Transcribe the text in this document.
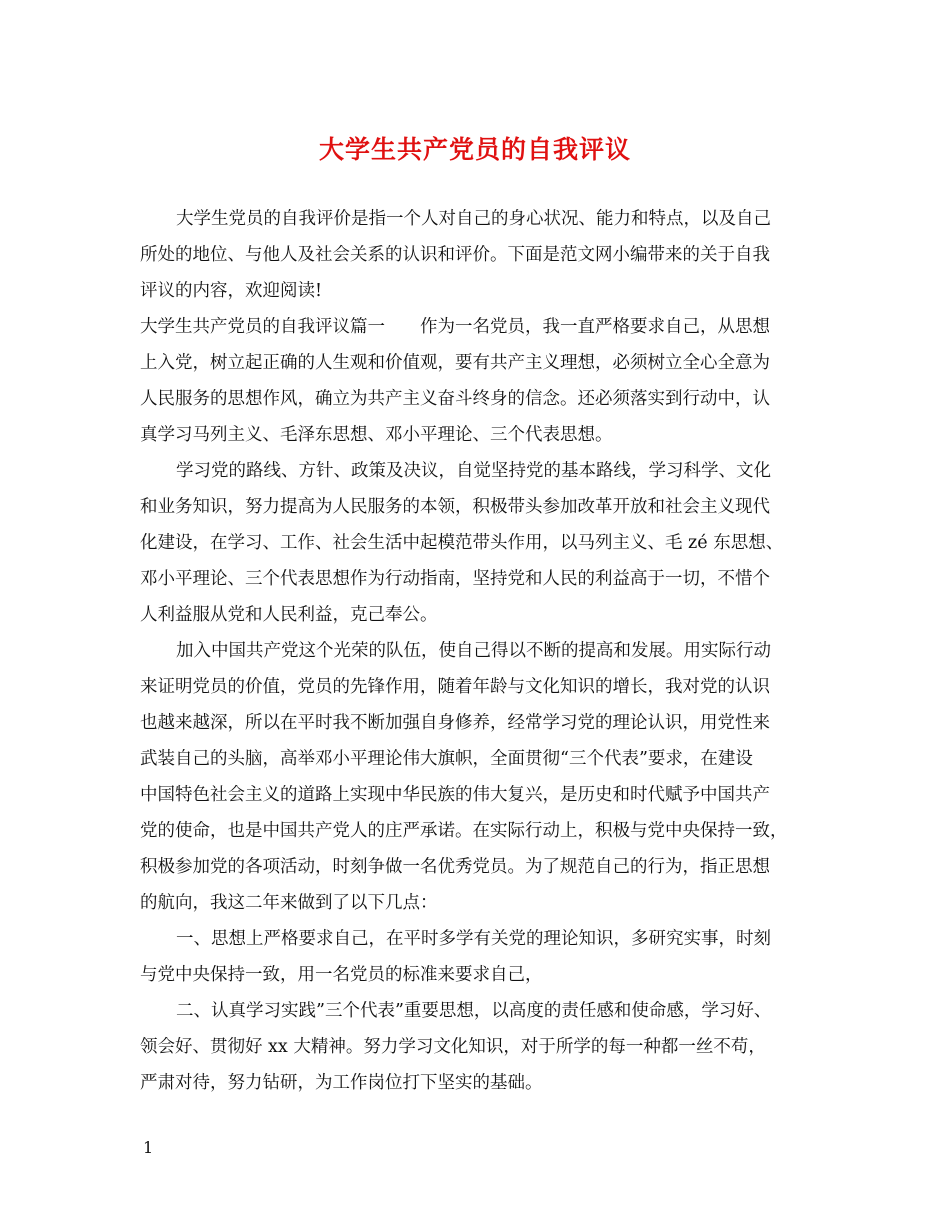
大学生共产党员的自我评议
大学生党员的自我评价是指一个人对自己的身心状况、能力和特点，以及自己
所处的地位、与他人及社会关系的认识和评价。下面是范文网小编带来的关于自我
评议的内容，欢迎阅读!
大学生共产党员的自我评议篇一　　作为一名党员，我一直严格要求自己，从思想
上入党，树立起正确的人生观和价值观，要有共产主义理想，必须树立全心全意为
人民服务的思想作风，确立为共产主义奋斗终身的信念。还必须落实到行动中，认
真学习马列主义、毛泽东思想、邓小平理论、三个代表思想。
学习党的路线、方针、政策及决议，自觉坚持党的基本路线，学习科学、文化
和业务知识，努力提高为人民服务的本领，积极带头参加改革开放和社会主义现代
化建设，在学习、工作、社会生活中起模范带头作用，以马列主义、毛 zé 东思想、
邓小平理论、三个代表思想作为行动指南，坚持党和人民的利益高于一切，不惜个
人利益服从党和人民利益，克己奉公。
加入中国共产党这个光荣的队伍，使自己得以不断的提高和发展。用实际行动
来证明党员的价值，党员的先锋作用，随着年龄与文化知识的增长，我对党的认识
也越来越深，所以在平时我不断加强自身修养，经常学习党的理论认识，用党性来
武装自己的头脑，高举邓小平理论伟大旗帜，全面贯彻“三个代表”要求，在建设
中国特色社会主义的道路上实现中华民族的伟大复兴，是历史和时代赋予中国共产
党的使命，也是中国共产党人的庄严承诺。在实际行动上，积极与党中央保持一致，
积极参加党的各项活动，时刻争做一名优秀党员。为了规范自己的行为，指正思想
的航向，我这二年来做到了以下几点：
一、思想上严格要求自己，在平时多学有关党的理论知识，多研究实事，时刻
与党中央保持一致，用一名党员的标准来要求自己，
二、认真学习实践”三个代表”重要思想，以高度的责任感和使命感，学习好、
领会好、贯彻好 xx 大精神。努力学习文化知识，对于所学的每一种都一丝不苟，
严肃对待，努力钻研，为工作岗位打下坚实的基础。
1
